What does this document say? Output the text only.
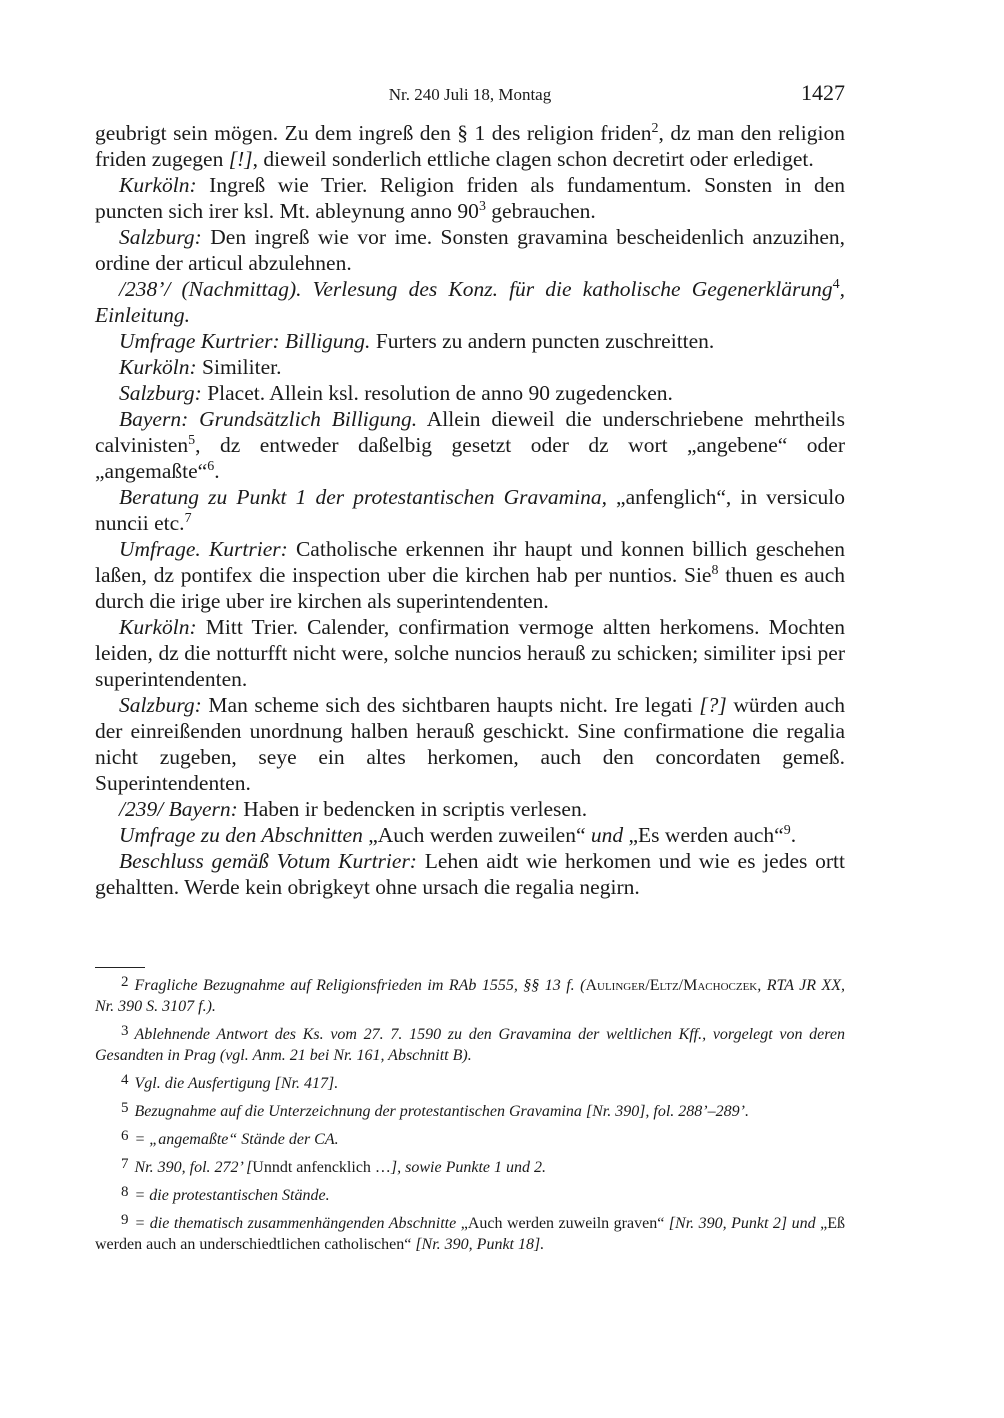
Nr. 240 Juli 18, Montag	1427

geubrigt sein mögen. Zu dem ingreß den § 1 des religion friden$^2$, dz man den religion friden zugegen [!], dieweil sonderlich ettliche clagen schon decretirt oder erlediget.

Kurköln: Ingreß wie Trier. Religion friden als fundamentum. Sonsten in den puncten sich irer ksl. Mt. ableynung anno $90^3$ gebrauchen.

Salzburg: Den ingreß wie vor ime. Sonsten gravamina bescheidenlich anzuzihen, ordine der articul abzulehnen.

/238’/ (Nachmittag). Verlesung des Konz. für die katholische Gegenerklärung$^4$, Einleitung.

Umfrage Kurtrier: Billigung. Furters zu andern puncten zuschreitten.

Kurköln: Similiter.

Salzburg: Placet. Allein ksl. resolution de anno 90 zugedencken.

Bayern: Grundsätzlich Billigung. Allein dieweil die underschriebene mehrtheils calvinisten$^5$, dz entweder daßelbig gesetzt oder dz wort „angebene“ oder „angemaßte“$^6$.

Beratung zu Punkt 1 der protestantischen Gravamina, „anfenglich“, in versiculo nuncii etc.$^7$

Umfrage. Kurtrier: Catholische erkennen ihr haupt und konnen billich geschehen laßen, dz pontifex die inspection uber die kirchen hab per nuntios. Sie$^8$ thuen es auch durch die irige uber ire kirchen als superintendenten.

Kurköln: Mitt Trier. Calender, confirmation vermoge altten herkomens. Mochten leiden, dz die notturfft nicht were, solche nuncios herauß zu schicken; similiter ipsi per superintendenten.

Salzburg: Man scheme sich des sichtbaren haupts nicht. Ire legati [?] würden auch der einreißenden unordnung halben herauß geschickt. Sine confirmatione die regalia nicht zugeben, seye ein altes herkomen, auch den concordaten gemeß. Superintendenten.

/239/ Bayern: Haben ir bedencken in scriptis verlesen.

Umfrage zu den Abschnitten „Auch werden zuweilen“ und „Es werden auch“$^9$.

Beschluss gemäß Votum Kurtrier: Lehen aidt wie herkomen und wie es jedes ortt gehaltten. Werde kein obrigkeyt ohne ursach die regalia negirn.

2 Fragliche Bezugnahme auf Religionsfrieden im RAb 1555, §§ 13 f. (Aulinger/Eltz/Machoczek, RTA JR XX, Nr. 390 S. 3107 f.).

3 Ablehnende Antwort des Ks. vom 27. 7. 1590 zu den Gravamina der weltlichen Kff., vorgelegt von deren Gesandten in Prag (vgl. Anm. 21 bei Nr. 161, Abschnitt B).

4 Vgl. die Ausfertigung [Nr. 417].

5 Bezugnahme auf die Unterzeichnung der protestantischen Gravamina [Nr. 390], fol. 288’–289’.

6 = „angemaßte“ Stände der CA.

7 Nr. 390, fol. 272’ [Unndt anfencklich …], sowie Punkte 1 und 2.

8 = die protestantischen Stände.

9 = die thematisch zusammenhängenden Abschnitte „Auch werden zuweiln graven“ [Nr. 390, Punkt 2] und „Eß werden auch an underschiedtlichen catholischen“ [Nr. 390, Punkt 18].
